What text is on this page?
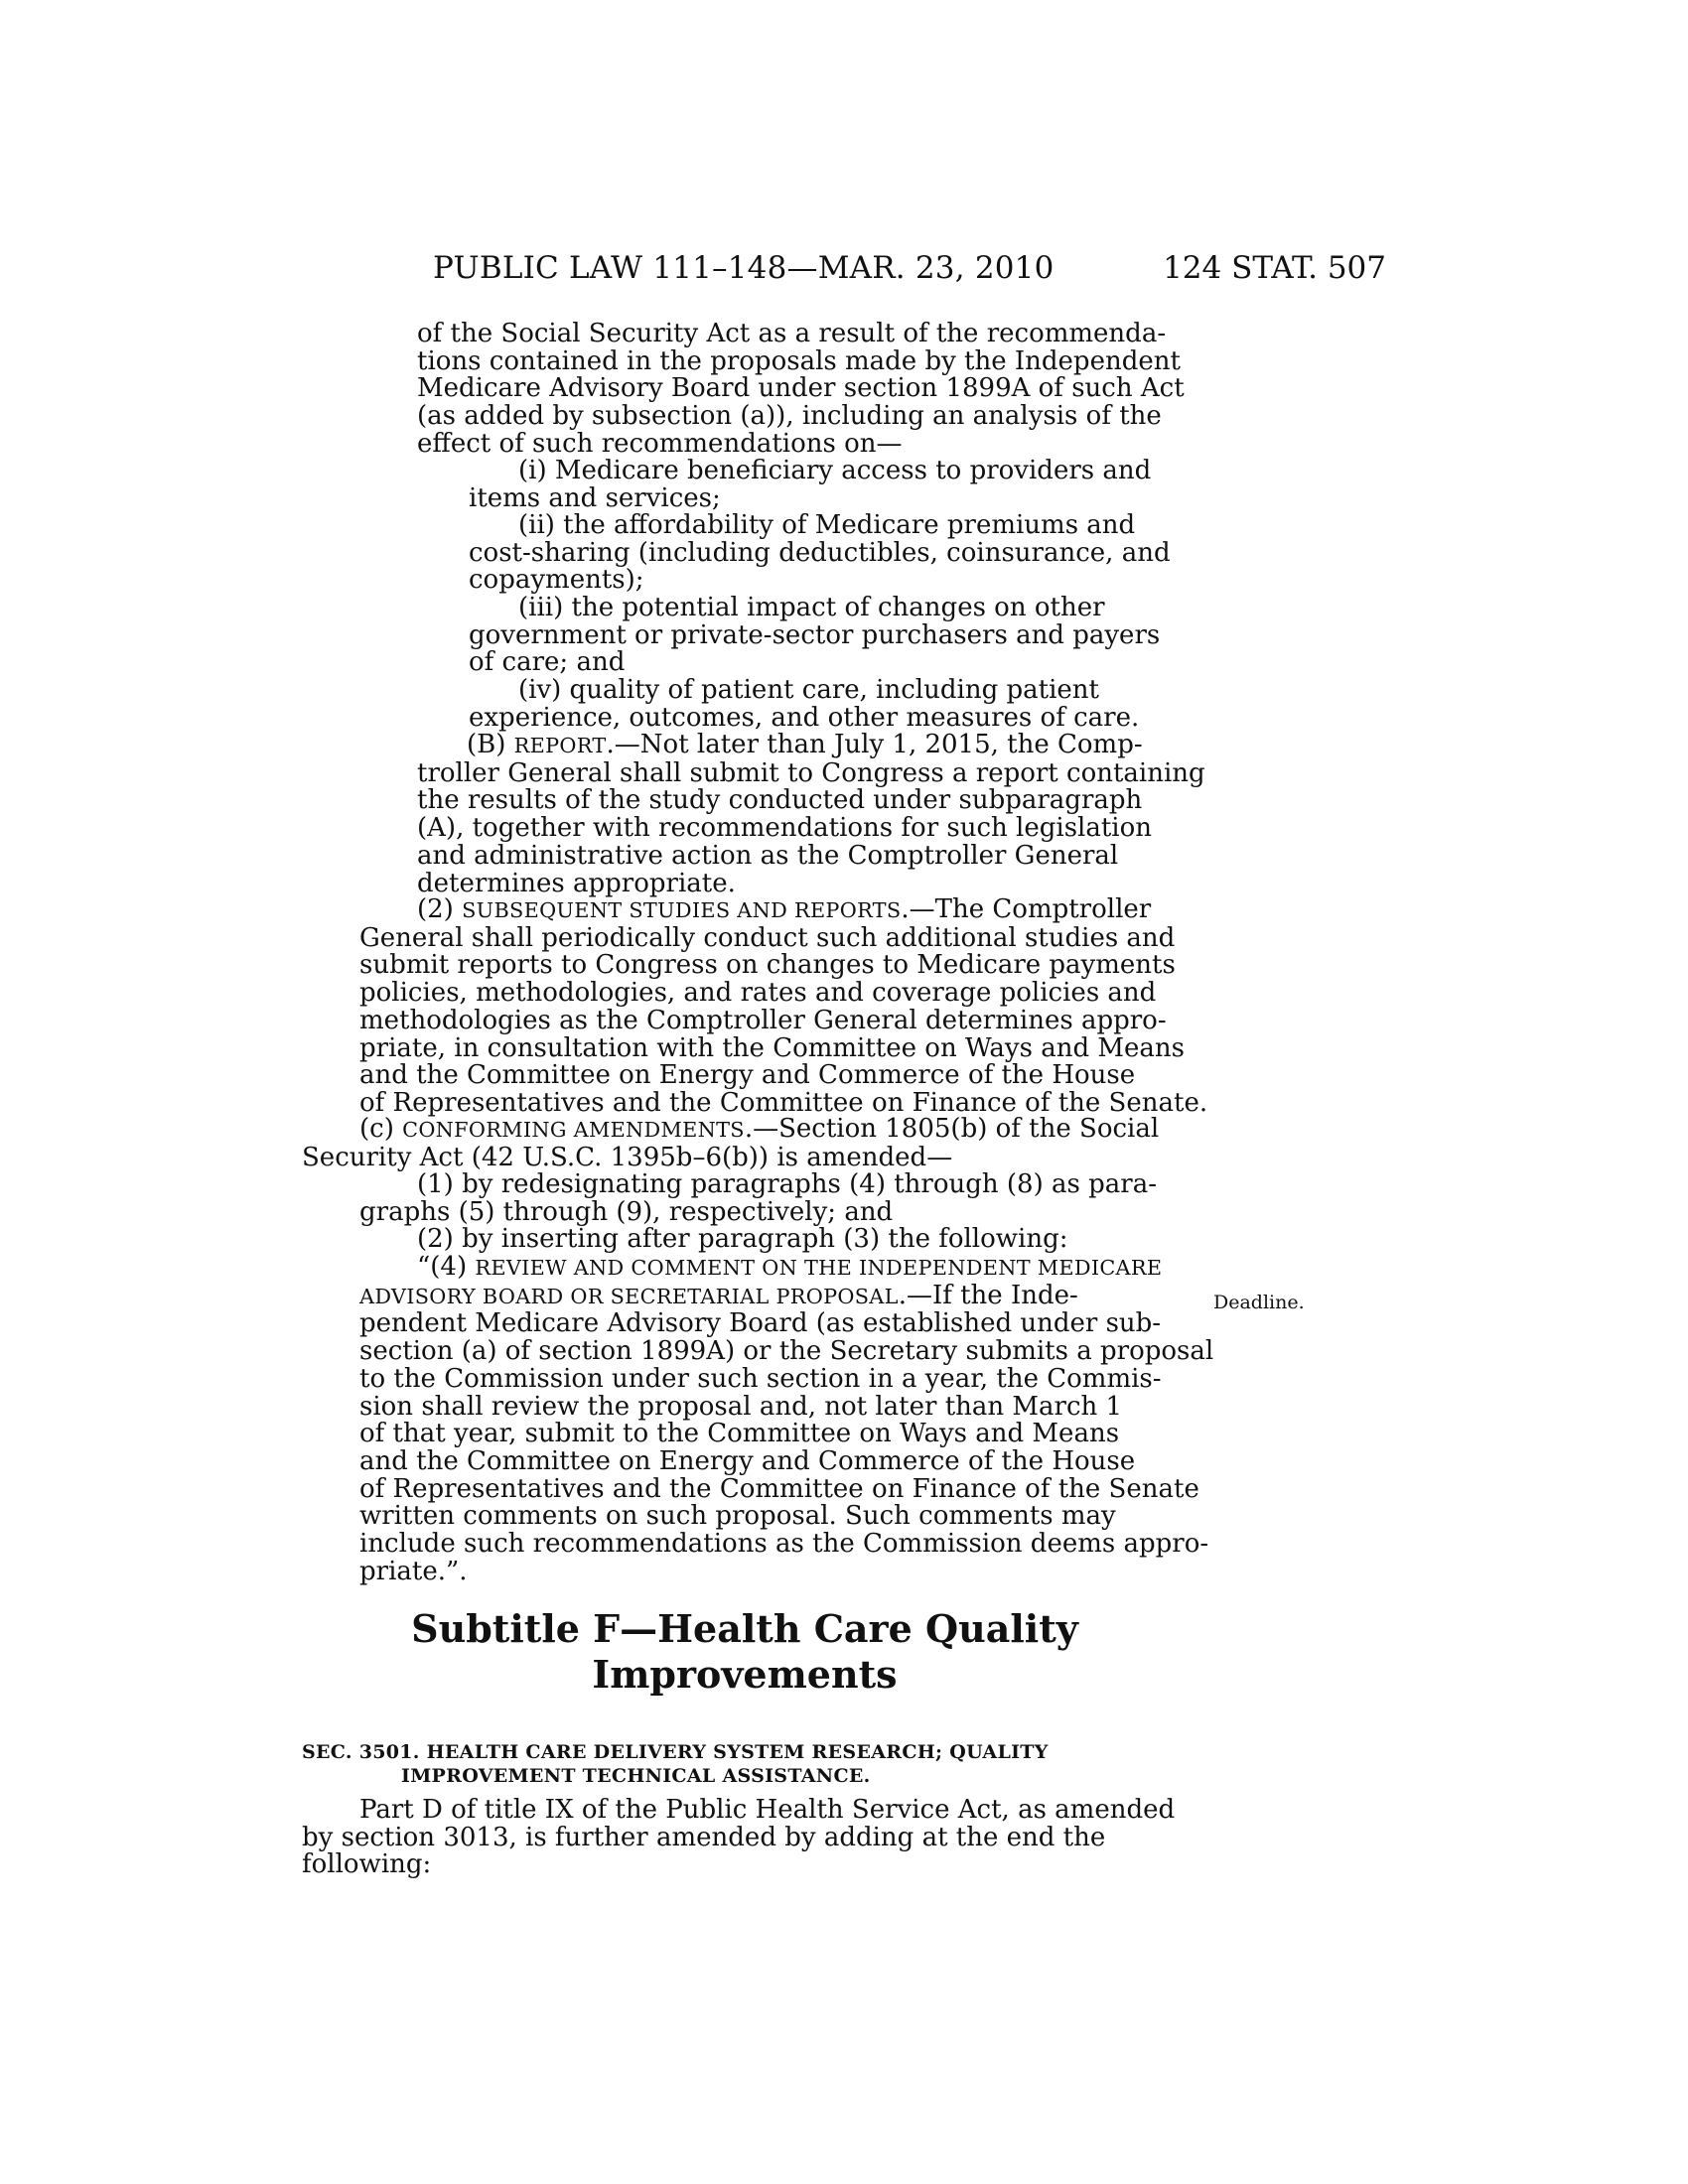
PUBLIC LAW 111–148—MAR. 23, 2010	124 STAT. 507
of the Social Security Act as a result of the recommenda-
tions contained in the proposals made by the Independent
Medicare Advisory Board under section 1899A of such Act
(as added by subsection (a)), including an analysis of the
effect of such recommendations on—
(i) Medicare beneficiary access to providers and
items and services;
(ii) the affordability of Medicare premiums and
cost-sharing (including deductibles, coinsurance, and
copayments);
(iii) the potential impact of changes on other
government or private-sector purchasers and payers
of care; and
(iv) quality of patient care, including patient
experience, outcomes, and other measures of care.
(B) REPORT.—Not later than July 1, 2015, the Comp-
troller General shall submit to Congress a report containing
the results of the study conducted under subparagraph
(A), together with recommendations for such legislation
and administrative action as the Comptroller General
determines appropriate.
(2) SUBSEQUENT STUDIES AND REPORTS.—The Comptroller
General shall periodically conduct such additional studies and
submit reports to Congress on changes to Medicare payments
policies, methodologies, and rates and coverage policies and
methodologies as the Comptroller General determines appro-
priate, in consultation with the Committee on Ways and Means
and the Committee on Energy and Commerce of the House
of Representatives and the Committee on Finance of the Senate.
(c) CONFORMING AMENDMENTS.—Section 1805(b) of the Social
Security Act (42 U.S.C. 1395b–6(b)) is amended—
(1) by redesignating paragraphs (4) through (8) as para-
graphs (5) through (9), respectively; and
(2) by inserting after paragraph (3) the following:
“(4) REVIEW AND COMMENT ON THE INDEPENDENT MEDICARE
ADVISORY BOARD OR SECRETARIAL PROPOSAL.—If the Inde-
pendent Medicare Advisory Board (as established under sub-
section (a) of section 1899A) or the Secretary submits a proposal
to the Commission under such section in a year, the Commis-
sion shall review the proposal and, not later than March 1
of that year, submit to the Committee on Ways and Means
and the Committee on Energy and Commerce of the House
of Representatives and the Committee on Finance of the Senate
written comments on such proposal. Such comments may
include such recommendations as the Commission deems appro-
priate.”.
Deadline.
Subtitle F—Health Care Quality
Improvements
SEC. 3501. HEALTH CARE DELIVERY SYSTEM RESEARCH; QUALITY
IMPROVEMENT TECHNICAL ASSISTANCE.
Part D of title IX of the Public Health Service Act, as amended
by section 3013, is further amended by adding at the end the
following:
